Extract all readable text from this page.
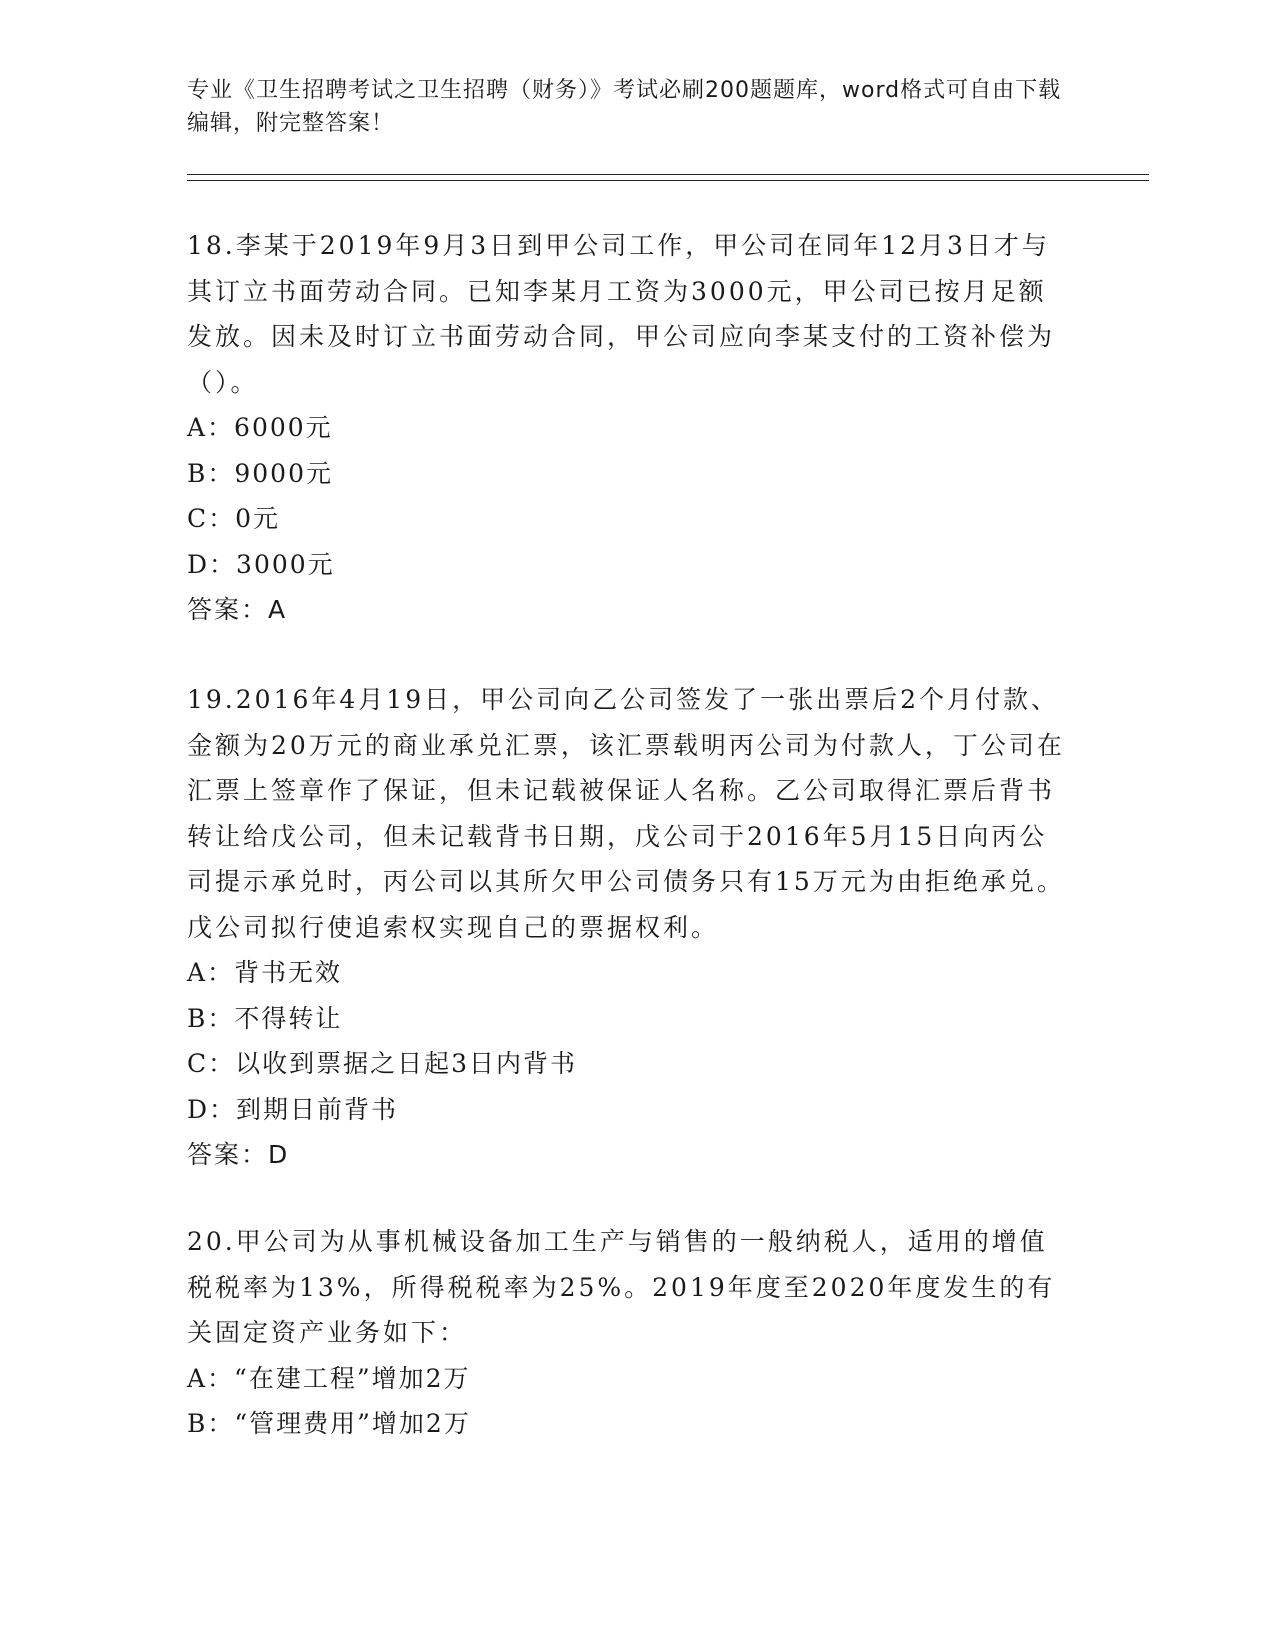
专业《卫生招聘考试之卫生招聘（财务）》考试必刷200题题库，word格式可自由下载编辑，附完整答案！

18.李某于2019年9月3日到甲公司工作，甲公司在同年12月3日才与其订立书面劳动合同。已知李某月工资为3000元，甲公司已按月足额发放。因未及时订立书面劳动合同，甲公司应向李某支付的工资补偿为（）。

A：6000元

B：9000元

C：0元

D：3000元

答案：A

19.2016年4月19日，甲公司向乙公司签发了一张出票后2个月付款、金额为20万元的商业承兑汇票，该汇票载明丙公司为付款人，丁公司在汇票上签章作了保证，但未记载被保证人名称。乙公司取得汇票后背书转让给戊公司，但未记载背书日期，戊公司于2016年5月15日向丙公司提示承兑时，丙公司以其所欠甲公司债务只有15万元为由拒绝承兑。戊公司拟行使追索权实现自己的票据权利。

A：背书无效

B：不得转让

C：以收到票据之日起3日内背书

D：到期日前背书

答案：D

20.甲公司为从事机械设备加工生产与销售的一般纳税人，适用的增值税税率为13%，所得税税率为25%。2019年度至2020年度发生的有关固定资产业务如下：

A：“在建工程”增加2万

B：“管理费用”增加2万
